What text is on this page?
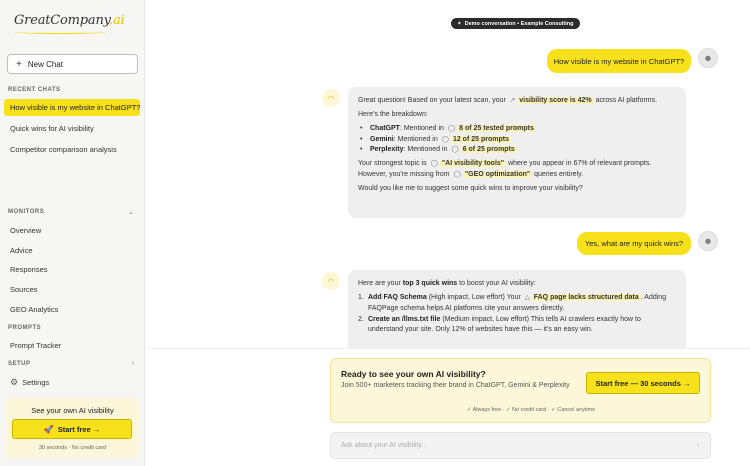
GreatCompany.ai
+ New Chat
RECENT CHATS
How visible is my website in ChatGPT?
Quick wins for AI visibility
Competitor comparison analysis
MONITORS	⌄
Overview
Advice
Responses
Sources
GEO Analytics
PROMPTS
Prompt Tracker
SETUP	›
⚙ Settings
See your own AI visibility
🚀 Start free →
30 seconds · No credit card
✦ Demo conversation • Example Consulting
How visible is my website in ChatGPT?	☻
◠	Great question! Based on your latest scan, your ↗ visibility score is 42% across AI platforms.

Here's the breakdown:

•	ChatGPT: Mentioned in ◯ 8 of 25 tested prompts
•	Gemini: Mentioned in ◯ 12 of 25 prompts
•	Perplexity: Mentioned in ◯ 6 of 25 prompts

Your strongest topic is ◯ "AI visibility tools" where you appear in 67% of relevant prompts.

However, you're missing from ◯ "GEO optimization" queries entirely.

Would you like me to suggest some quick wins to improve your visibility?

Yes, what are my quick wins?	☻
◠	Here are your top 3 quick wins to boost your AI visibility:

1. Add FAQ Schema (High impact, Low effort) Your △ FAQ page lacks structured data . Adding FAQPage schema helps AI platforms cite your answers directly.
2. Create an /llms.txt file (Medium impact, Low effort) This tells AI crawlers exactly how to understand your site. Only 12% of websites have this — it's an easy win.
Ready to see your own AI visibility?
Join 500+ marketers tracking their brand in ChatGPT, Gemini & Perplexity	Start free — 30 seconds →
✓ Always free · ✓ No credit card · ✓ Cancel anytime
Ask about your AI visibility...	↑
